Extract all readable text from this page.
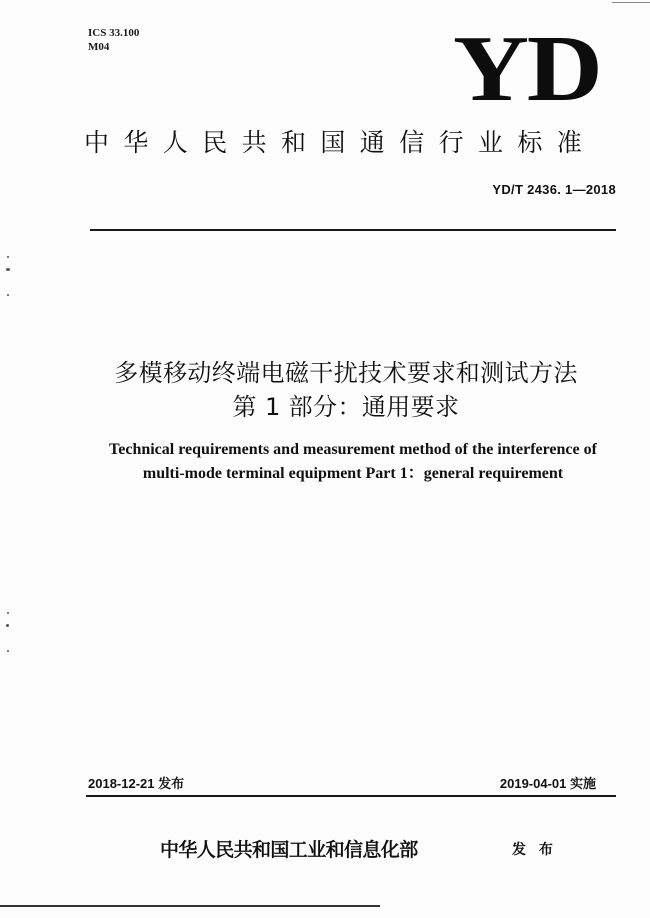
ICS 33.100
M04	YD
中华人民共和国通信行业标准
YD/T 2436. 1—2018
多模移动终端电磁干扰技术要求和测试方法
第 1 部分：通用要求
Technical requirements and measurement method of the interference of
multi-mode terminal equipment Part 1：general requirement
2018-12-21 发布	2019-04-01 实施
中华人民共和国工业和信息化部	发 布
